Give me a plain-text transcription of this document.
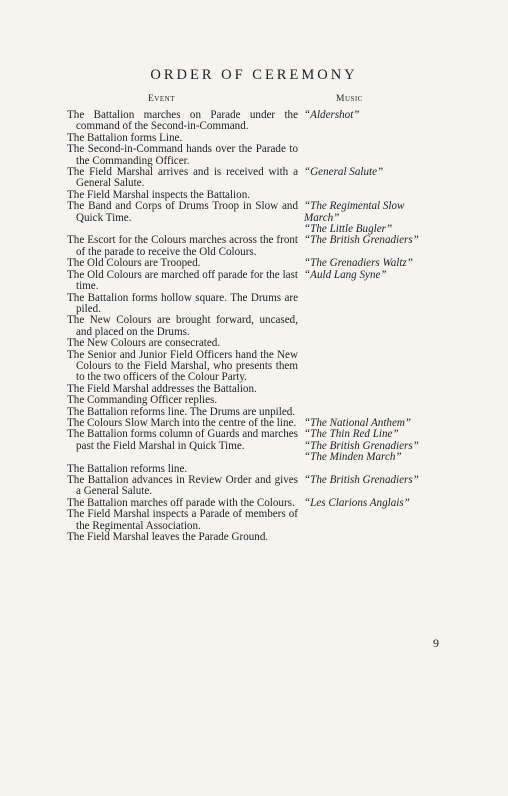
ORDER OF CEREMONY
Event	Music

The Battalion marches on Parade under the command of the Second-in-Command.

“Aldershot”

The Battalion forms Line.

The Second-in-Command hands over the Parade to the Commanding Officer.

The Field Marshal arrives and is received with a General Salute.

“General Salute”

The Field Marshal inspects the Battalion.

The Band and Corps of Drums Troop in Slow and Quick Time.

“The Regimental Slow March”
“The Little Bugler”

The Escort for the Colours marches across the front of the parade to receive the Old Colours.

“The British Grenadiers”

The Old Colours are Trooped.	“The Grenadiers Waltz”

The Old Colours are marched off parade for the last time.

“Auld Lang Syne”

The Battalion forms hollow square. The Drums are piled.

The New Colours are brought forward, uncased, and placed on the Drums.

The New Colours are consecrated.

The Senior and Junior Field Officers hand the New Colours to the Field Marshal, who presents them to the two officers of the Colour Party.

The Field Marshal addresses the Battalion.

The Commanding Officer replies.

The Battalion reforms line. The Drums are unpiled.

The Colours Slow March into the centre of the line. “The National Anthem”

The Battalion forms column of Guards and marches past the Field Marshal in Quick Time.

“The Thin Red Line”
“The British Grenadiers”
“The Minden March”

The Battalion reforms line.

The Battalion advances in Review Order and gives a General Salute.

“The British Grenadiers”

The Battalion marches off parade with the Colours. “Les Clarions Anglais”

The Field Marshal inspects a Parade of members of the Regimental Association.

The Field Marshal leaves the Parade Ground.

9
